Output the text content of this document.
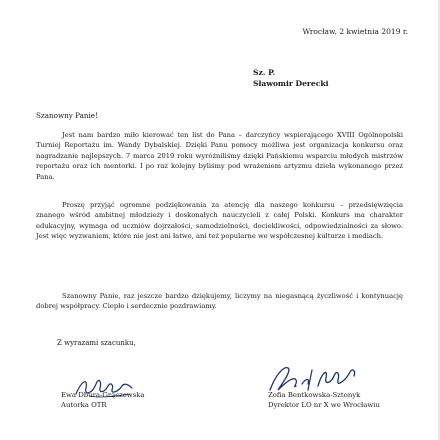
Wrocław, 2 kwietnia 2019 r.
Sz. P.
Sławomir Derecki
Szanowny Panie!

Jest nam bardzo miło kierować ten list do Pana – darczyńcy wspierającego XVIII Ogólnopolski Turniej Reportażu im. Wandy Dybalskiej. Dzięki Panu pomocy możliwa jest organizacja konkursu oraz nagradzanie najlepszych. 7 marca 2019 roku wyróżniliśmy dzięki Pańskiemu wsparciu młodych mistrzów reportażu oraz ich mentorki. I po raz kolejny byliśmy pod wrażeniem artyzmu dzieła wykonanego przez Pana.

Proszę przyjąć ogromne podziękowania za atencję dla naszego konkursu – przedsięwzięcia znanego wśród ambitnej młodzieży i doskonałych nauczycieli z całej Polski. Konkurs ma charakter edukacyjny, wymaga od uczniów dojrzałości, samodzielności, dociekliwości, odpowiedzialności za słowo. Jest więc wyzwaniem, które nie jest ani łatwe, ani też popularne we współczesnej kulturze i mediach.

Szanowny Panie, raz jeszcze bardzo dziękujemy, liczymy na niegasnącą życzliwość i kontynuację dobrej współpracy. Ciepło i serdecznie pozdrawiamy.

Z wyrazami szacunku,
Ewa Dbura-Grączewska
Autorka OTR
Zofia Bentkowska-Sztonyk
Dyrektor LO nr X we Wrocławiu
